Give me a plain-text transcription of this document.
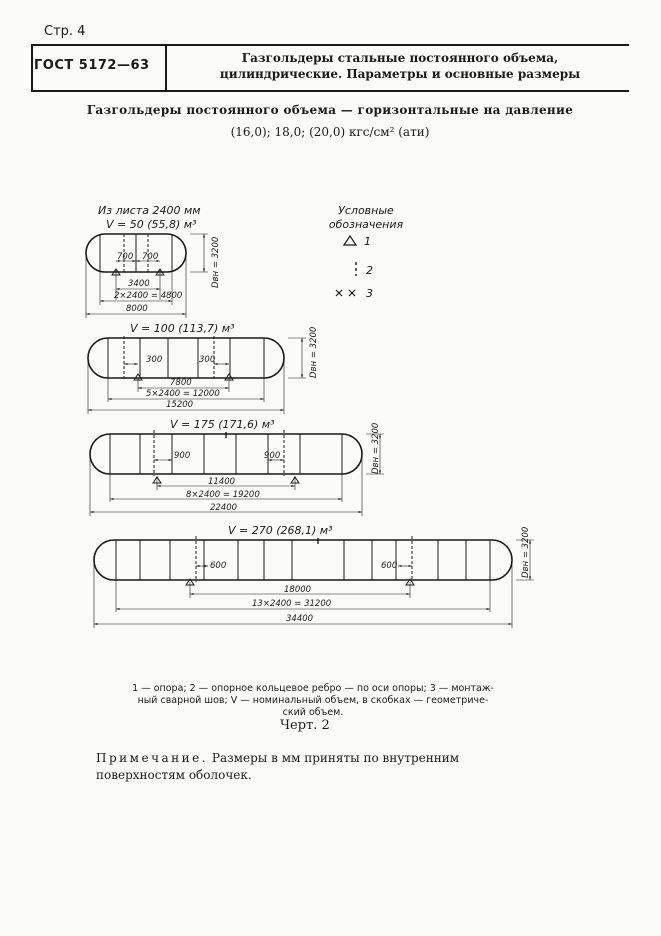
Стр. 4
ГОСТ 5172—63	Газгольдеры стальные постоянного объема,
цилиндрические. Параметры и основные размеры
Газгольдеры постоянного объема — горизонтальные на давление
(16,0); 18,0; (20,0) кгс/см² (ати)
Условные
обозначения
1
2
3
Из листа 2400 мм
V = 50 (55,8) м³
700 700
3400
2×2400 = 4800
8000
Dвн = 3200
V = 100 (113,7) м³
300	300
7800
5×2400 = 12000
15200
Dвн = 3200
V = 175 (171,6) м³
900	900
11400
8×2400 = 19200
22400
Dвн = 3200
V = 270 (268,1) м³
600	600
18000
13×2400 = 31200
34400
Dвн = 3200
1 — опора; 2 — опорное кольцевое ребро — по оси опоры; 3 — монтаж-
ный сварной шов; V — номинальный объем, в скобках — геометриче-
ский объем.
Черт. 2
Примечание. Размеры в мм приняты по внутренним
поверхностям оболочек.
